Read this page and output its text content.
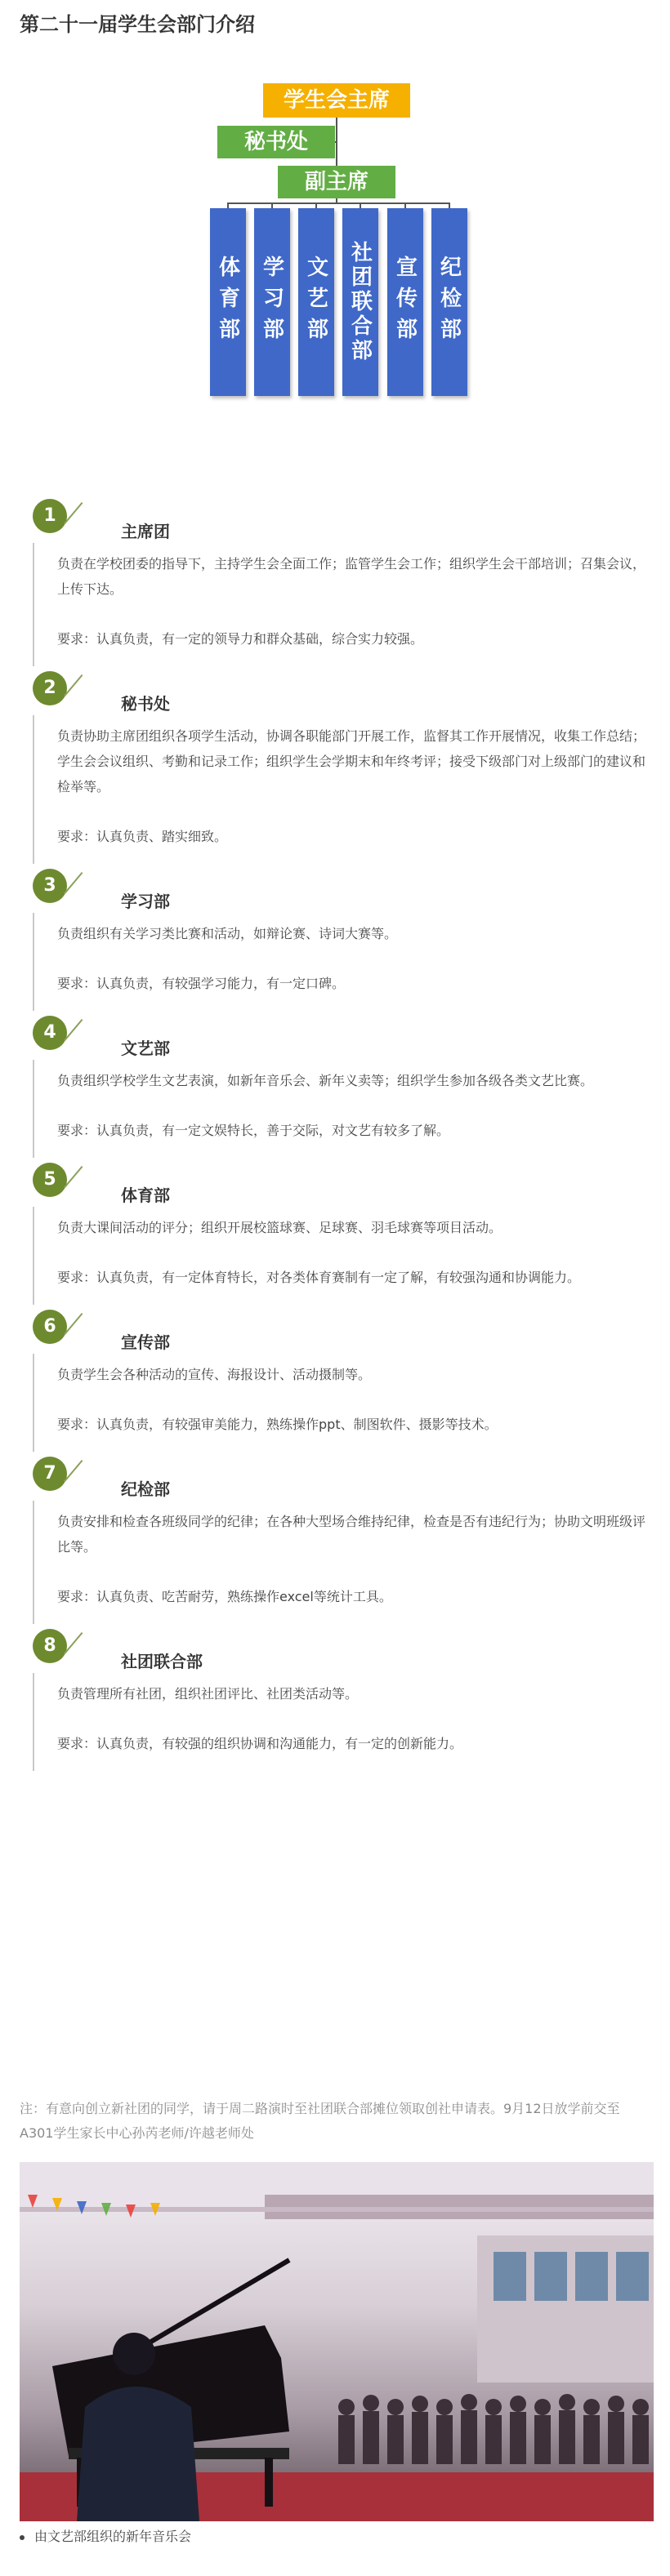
第二十一届学生会部门介绍
学生会主席
秘书处
副主席
体育部 学习部 文艺部 社团联合部 宣传部 纪检部
1
主席团

负责在学校团委的指导下，主持学生会全面工作；监管学生会工作；组织学生会干部培训；召集会议，上传下达。

要求：认真负责，有一定的领导力和群众基础，综合实力较强。

2
秘书处

负责协助主席团组织各项学生活动，协调各职能部门开展工作，监督其工作开展情况，收集工作总结；学生会会议组织、考勤和记录工作；组织学生会学期末和年终考评；接受下级部门对上级部门的建议和检举等。

要求：认真负责、踏实细致。

3
学习部

负责组织有关学习类比赛和活动，如辩论赛、诗词大赛等。

要求：认真负责，有较强学习能力，有一定口碑。

4
文艺部

负责组织学校学生文艺表演，如新年音乐会、新年义卖等；组织学生参加各级各类文艺比赛。

要求：认真负责，有一定文娱特长，善于交际，对文艺有较多了解。

5
体育部

负责大课间活动的评分；组织开展校篮球赛、足球赛、羽毛球赛等项目活动。

要求：认真负责，有一定体育特长，对各类体育赛制有一定了解，有较强沟通和协调能力。

6
宣传部

负责学生会各种活动的宣传、海报设计、活动摄制等。

要求：认真负责，有较强审美能力，熟练操作ppt、制图软件、摄影等技术。

7
纪检部

负责安排和检查各班级同学的纪律；在各种大型场合维持纪律，检查是否有违纪行为；协助文明班级评比等。

要求：认真负责、吃苦耐劳，熟练操作excel等统计工具。

8
社团联合部

负责管理所有社团，组织社团评比、社团类活动等。

要求：认真负责，有较强的组织协调和沟通能力，有一定的创新能力。

注：有意向创立新社团的同学，请于周二路演时至社团联合部摊位领取创社申请表。9月12日放学前交至A301学生家长中心孙芮老师/许越老师处
由文艺部组织的新年音乐会
